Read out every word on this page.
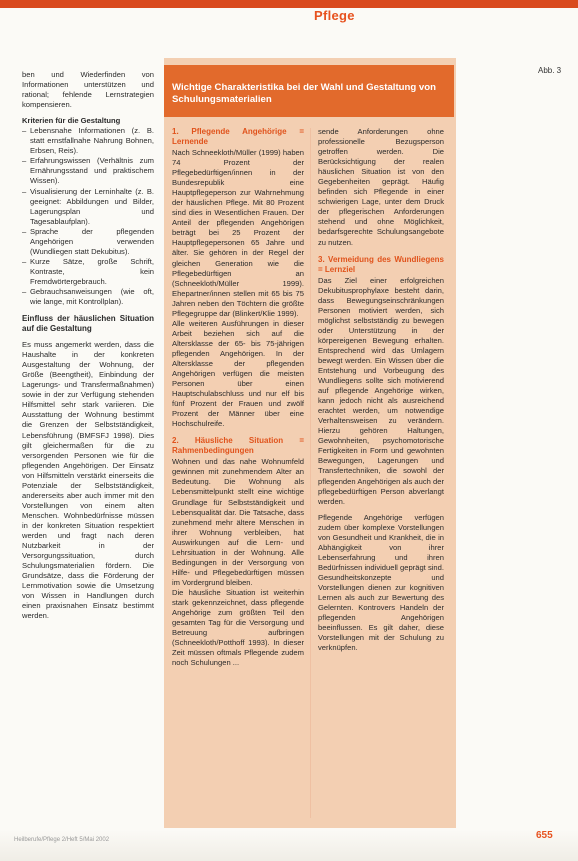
Pflege
Abb. 3

ben und Wiederfinden von Informationen unterstützen und rational; fehlende Lernstrategien kompensieren.

Kriterien für die Gestaltung

– Lebensnahe Informationen (z. B. statt ernstfallnahe Nahrung Bohnen, Erbsen, Reis).
– Erfahrungswissen (Verhältnis zum Ernährungsstand und praktischem Wissen).
– Visualisierung der Lerninhalte (z. B. geeignet: Abbildungen und Bilder, Lagerungsplan und Tagesablaufplan).
– Sprache der pflegenden Angehörigen verwenden (Wundliegen statt Dekubitus).
– Kurze Sätze, große Schrift, Kontraste, kein Fremdwörtergebrauch.
– Gebrauchsanweisungen (wie oft, wie lange, mit Kontrollplan).

Einfluss der häuslichen Situation auf die Gestaltung

Es muss angemerkt werden, dass die Haushalte in der konkreten Ausgestaltung der Wohnung, der Größe (Beengtheit), Einbindung der Lagerungs- und Transfermaßnahmen) sowie in der zur Verfügung stehenden Hilfsmittel sehr stark variieren. Die Ausstattung der Wohnung bestimmt die Grenzen der Selbstständigkeit, Lebensführung (BMFSFJ 1998). Dies gilt gleichermaßen für die zu versorgenden Personen wie für die pflegenden Angehörigen. Der Einsatz von Hilfsmitteln verstärkt einerseits die Potenziale der Selbstständigkeit, andererseits aber auch immer mit den Vorstellungen von einem alten Menschen. Wohnbedürfnisse müssen in der konkreten Situation respektiert werden und fragt nach deren Nutzbarkeit in der Versorgungssituation, durch Schulungsmaterialien fördern. Die Grundsätze, dass die Förderung der Lernmotivation sowie die Umsetzung von Wissen in Handlungen durch einen praxisnahen Einsatz bestimmt werden.

Wichtige Charakteristika bei der Wahl und Gestaltung von Schulungsmaterialien

1. Pflegende Angehörige = Lernende

Nach Schneekloth/Müller (1999) haben 74 Prozent der Pflegebedürftigen/innen in der Bundesrepublik eine Hauptpflegeperson zur Wahrnehmung der häuslichen Pflege. Mit 80 Prozent sind dies in Wesentlichen Frauen. Der Anteil der pflegenden Angehörigen beträgt bei 25 Prozent der Hauptpflegepersonen 65 Jahre und älter. Sie gehören in der Regel der gleichen Generation wie die Pflegebedürftigen an (Schneekloth/Müller 1999). Ehepartner/innen stellen mit 65 bis 75 Jahren neben den Töchtern die größte Pflegegruppe dar (Blinkert/Klie 1999).

Alle weiteren Ausführungen in dieser Arbeit beziehen sich auf die Altersklasse der 65- bis 75-jährigen pflegenden Angehörigen. In der Altersklasse der pflegenden Angehörigen verfügen die meisten Personen über einen Hauptschulabschluss und nur elf bis fünf Prozent der Frauen und zwölf Prozent der Männer über eine Hochschulreife.

2. Häusliche Situation = Rahmenbedingungen

Wohnen und das nahe Wohnumfeld gewinnen mit zunehmendem Alter an Bedeutung. Die Wohnung als Lebensmittelpunkt stellt eine wichtige Grundlage für Selbstständigkeit und Lebensqualität dar. Die Tatsache, dass zunehmend mehr ältere Menschen in ihrer Wohnung verbleiben, hat Auswirkungen auf die Lern- und Lehrsituation in der Wohnung. Alle Bedingungen in der Versorgung von Hilfe- und Pflegebedürftigen müssen im Vordergrund bleiben.

Die häusliche Situation ist weiterhin stark gekennzeichnet, dass pflegende Angehörige zum größten Teil den gesamten Tag für die Versorgung und Betreuung aufbringen (Schneekloth/Potthoff 1993). In dieser Zeit müssen oftmals Pflegende zudem noch Schulungen ...

sende Anforderungen ohne professionelle Bezugsperson getroffen werden. Die Berücksichtigung der realen häuslichen Situation ist von den Gegebenheiten geprägt. Häufig befinden sich Pflegende in einer schwierigen Lage, unter dem Druck der pflegerischen Anforderungen stehend und ohne Möglichkeit, bedarfsgerechte Schulungsangebote zu nutzen.

3. Vermeidung des Wundliegens = Lernziel

Das Ziel einer erfolgreichen Dekubitusprophylaxe besteht darin, dass Bewegungseinschränkungen Personen motiviert werden, sich möglichst selbstständig zu bewegen oder Unterstützung in der körpereigenen Bewegung erhalten. Entsprechend wird das Umlagern bewegt werden. Ein Wissen über die Entstehung und Vorbeugung des Wundliegens sollte sich motivierend auf pflegende Angehörige wirken, kann jedoch nicht als ausreichend erachtet werden, um notwendige Verhaltensweisen zu verändern. Hierzu gehören Haltungen, Gewohnheiten, psychomotorische Fertigkeiten in Form und gewohnten Bewegungen, Lagerungen und Transfertechniken, die sowohl der pflegenden Angehörigen als auch der pflegebedürftigen Person abverlangt werden.

Pflegende Angehörige verfügen zudem über komplexe Vorstellungen von Gesundheit und Krankheit, die in Abhängigkeit von ihrer Lebenserfahrung und ihren Bedürfnissen individuell geprägt sind. Gesundheitskonzepte und Vorstellungen dienen zur kognitiven Lernen als auch zur Bewertung des Gelernten. Kontrovers Handeln der pflegenden Angehörigen beeinflussen. Es gilt daher, diese Vorstellungen mit der Schulung zu verknüpfen.

Heilberufe/Pflege 2/Heft 5/Mai 2002	655
